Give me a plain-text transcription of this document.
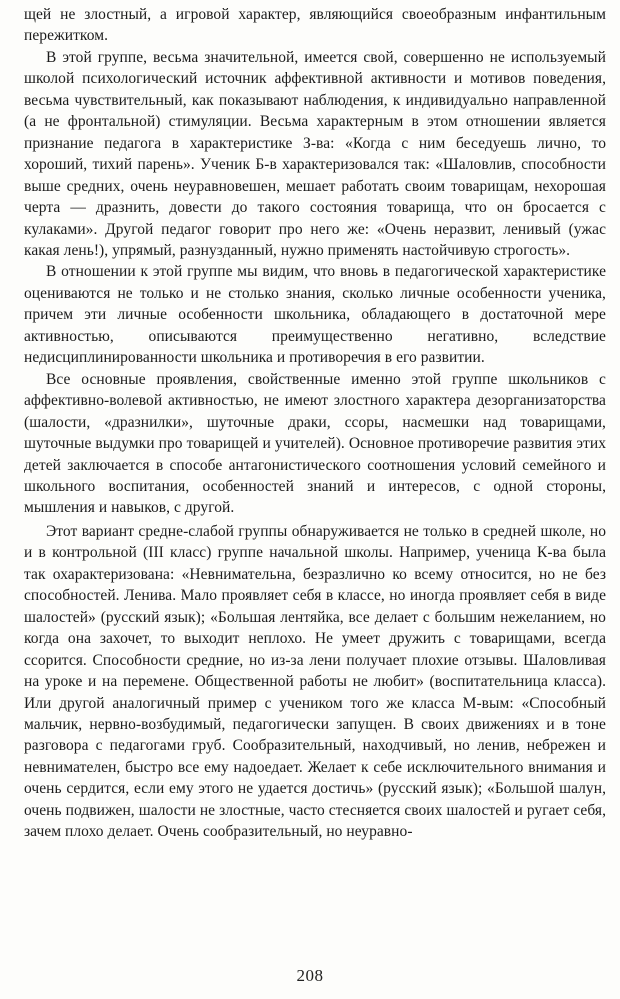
щей не злостный, а игровой характер, являющийся своеобразным инфантильным пережитком.

В этой группе, весьма значительной, имеется свой, совершенно не используемый школой психологический источник аффективной активности и мотивов поведения, весьма чувствительный, как показывают наблюдения, к индивидуально направленной (а не фронтальной) стимуляции. Весьма характерным в этом отношении является признание педагога в характеристике З-ва: «Когда с ним беседуешь лично, то хороший, тихий парень». Ученик Б-в характеризовался так: «Шаловлив, способности выше средних, очень неуравновешен, мешает работать своим товарищам, нехорошая черта — дразнить, довести до такого состояния товарища, что он бросается с кулаками». Другой педагог говорит про него же: «Очень неразвит, ленивый (ужас какая лень!), упрямый, разнузданный, нужно применять настойчивую строгость».

В отношении к этой группе мы видим, что вновь в педагогической характеристике оцениваются не только и не столько знания, сколько личные особенности ученика, причем эти личные особенности школьника, обладающего в достаточной мере активностью, описываются преимущественно негативно, вследствие недисциплинированности школьника и противоречия в его развитии.

Все основные проявления, свойственные именно этой группе школьников с аффективно-волевой активностью, не имеют злостного характера дезорганизаторства (шалости, «дразнилки», шуточные драки, ссоры, насмешки над товарищами, шуточные выдумки про товарищей и учителей). Основное противоречие развития этих детей заключается в способе антагонистического соотношения условий семейного и школьного воспитания, особенностей знаний и интересов, с одной стороны, мышления и навыков, с другой.

Этот вариант средне-слабой группы обнаруживается не только в средней школе, но и в контрольной (III класс) группе начальной школы. Например, ученица К-ва была так охарактеризована: «Невнимательна, безразлично ко всему относится, но не без способностей. Ленива. Мало проявляет себя в классе, но иногда проявляет себя в виде шалостей» (русский язык); «Большая лентяйка, все делает с большим нежеланием, но когда она захочет, то выходит неплохо. Не умеет дружить с товарищами, всегда ссорится. Способности средние, но из-за лени получает плохие отзывы. Шаловливая на уроке и на перемене. Общественной работы не любит» (воспитательница класса). Или другой аналогичный пример с учеником того же класса М-вым: «Способный мальчик, нервно-возбудимый, педагогически запущен. В своих движениях и в тоне разговора с педагогами груб. Сообразительный, находчивый, но ленив, небрежен и невнимателен, быстро все ему надоедает. Желает к себе исключительного внимания и очень сердится, если ему этого не удается достичь» (русский язык); «Большой шалун, очень подвижен, шалости не злостные, часто стесняется своих шалостей и ругает себя, зачем плохо делает. Очень сообразительный, но неуравно-

208
